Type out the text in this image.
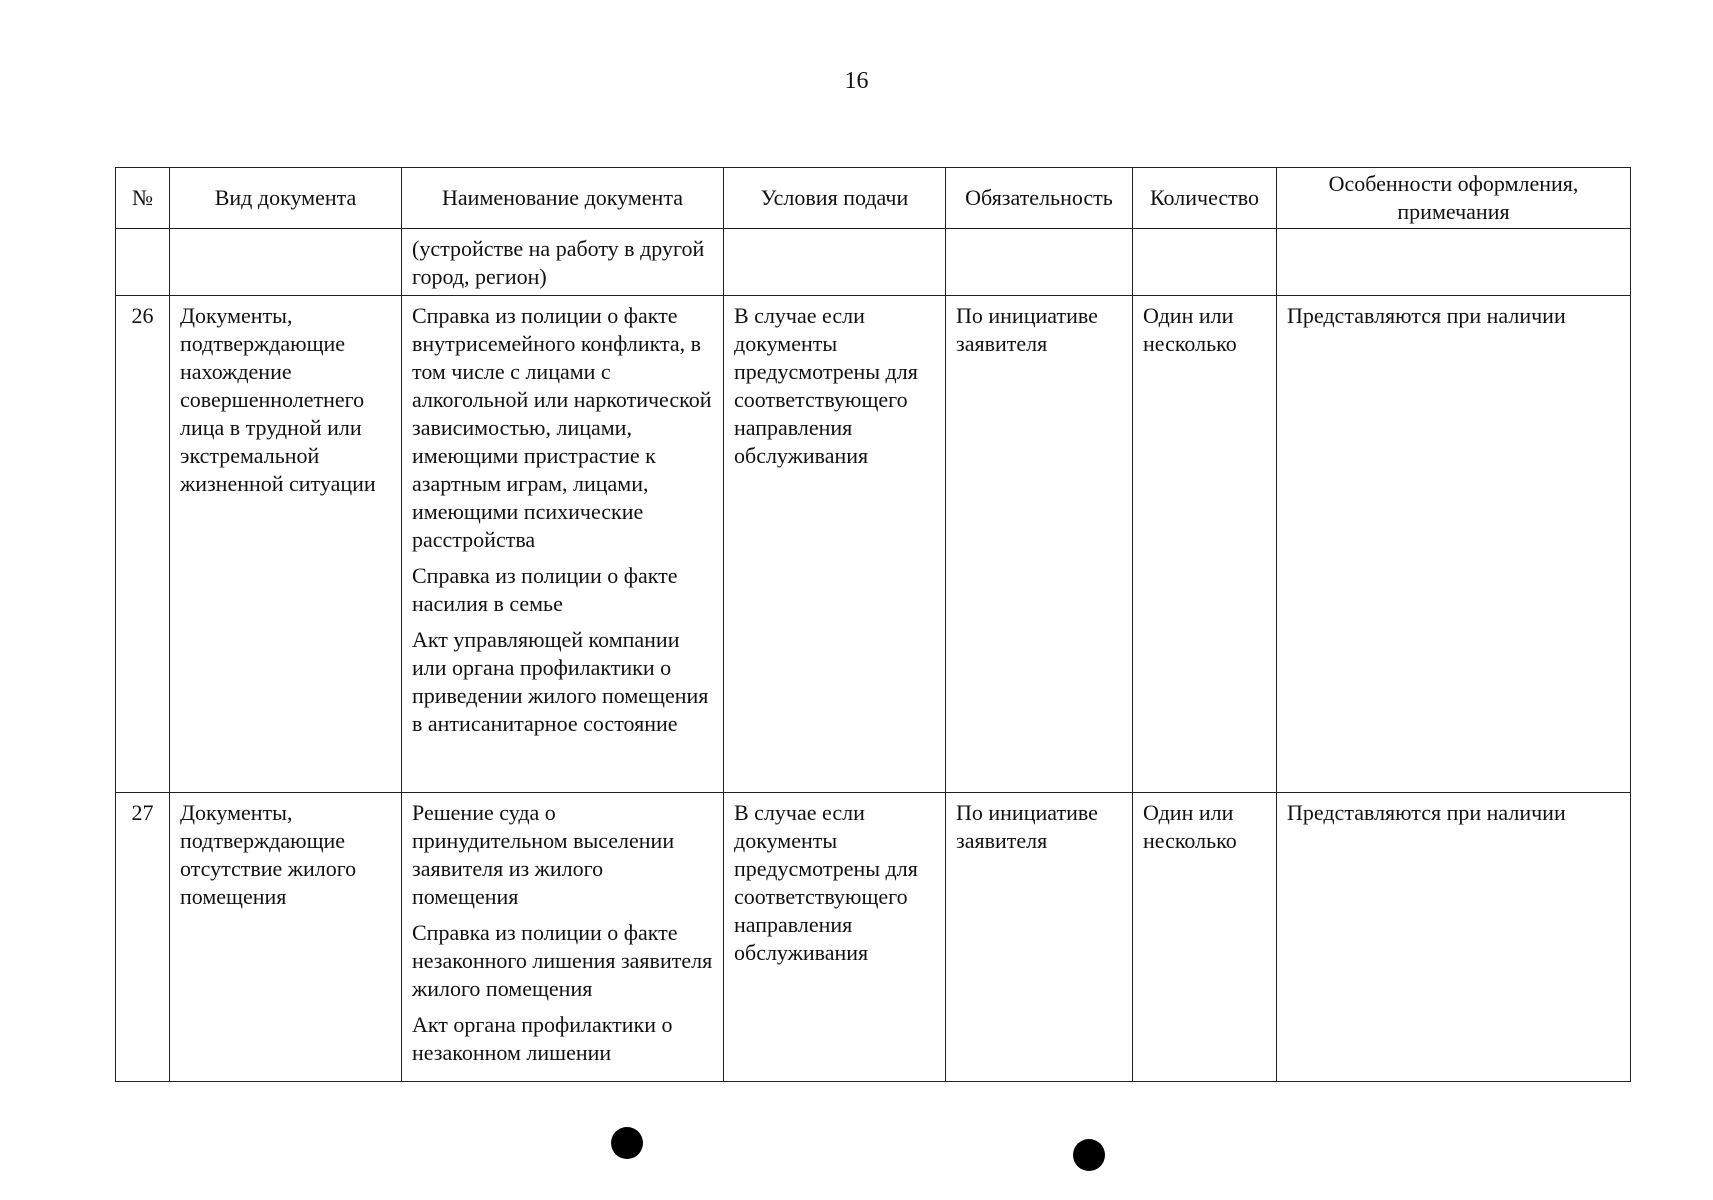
16
№	Вид документа	Наименование документа	Условия подачи	Обязательность	Количество	Особенности оформления, примечания

		(устройстве на работу в другой город, регион)				

26	Документы, подтверждающие нахождение совершеннолетнего лица в трудной или экстремальной жизненной ситуации	Справка из полиции о факте внутрисемейного конфликта, в том числе с лицами с алкогольной или наркотической зависимостью, лицами, имеющими пристрастие к азартным играм, лицами, имеющими психические расстройства
Справка из полиции о факте насилия в семье
Акт управляющей компании или органа профилактики о приведении жилого помещения в антисанитарное состояние	В случае если документы предусмотрены для соответствующего направления обслуживания	По инициативе заявителя	Один или несколько	Представляются при наличии
27	Документы, подтверждающие отсутствие жилого помещения	Решение суда о принудительном выселении заявителя из жилого помещения
Справка из полиции о факте незаконного лишения заявителя жилого помещения
Акт органа профилактики о незаконном лишении	В случае если документы предусмотрены для соответствующего направления обслуживания	По инициативе заявителя	Один или несколько	Представляются при наличии
